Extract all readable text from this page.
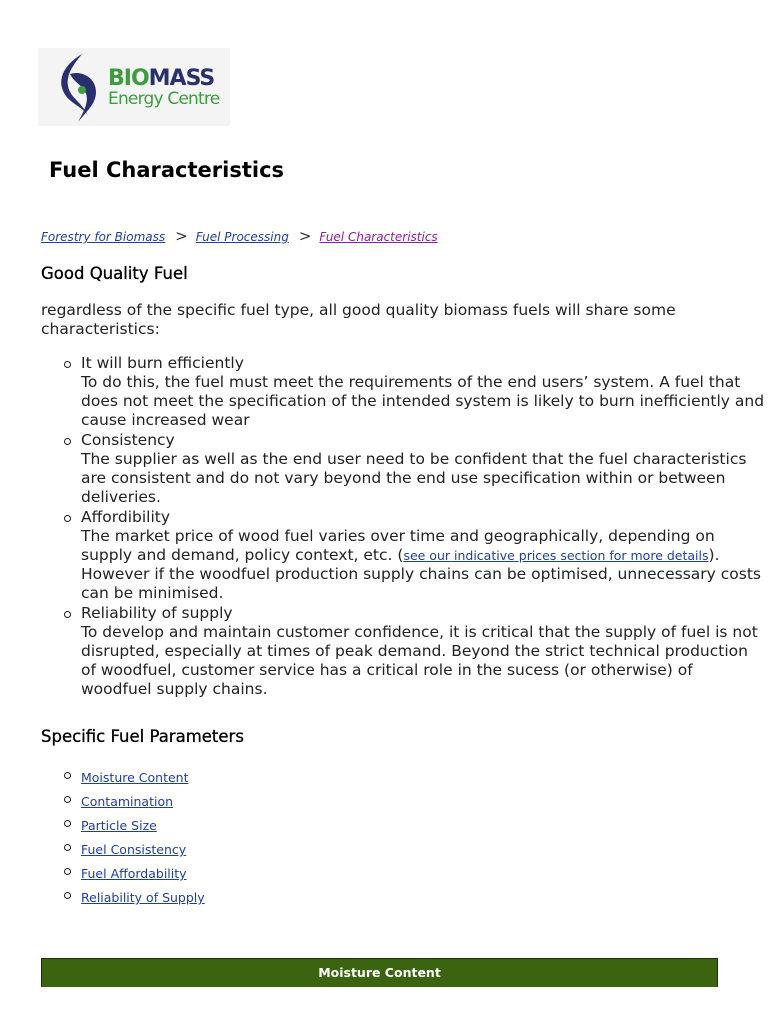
BIOMASS
Energy Centre
Fuel Characteristics
Forestry for Biomass > Fuel Processing > Fuel Characteristics
Good Quality Fuel

regardless of the specific fuel type, all good quality biomass fuels will share some characteristics:

It will burn efficiently
To do this, the fuel must meet the requirements of the end users’ system. A fuel that does not meet the specification of the intended system is likely to burn inefficiently and cause increased wear
Consistency
The supplier as well as the end user need to be confident that the fuel characteristics are consistent and do not vary beyond the end use specification within or between deliveries.
Affordibility
The market price of wood fuel varies over time and geographically, depending on supply and demand, policy context, etc. (see our indicative prices section for more details). However if the woodfuel production supply chains can be optimised, unnecessary costs can be minimised.
Reliability of supply
To develop and maintain customer confidence, it is critical that the supply of fuel is not disrupted, especially at times of peak demand. Beyond the strict technical production of woodfuel, customer service has a critical role in the sucess (or otherwise) of woodfuel supply chains.
Specific Fuel Parameters
Moisture Content
Contamination
Particle Size
Fuel Consistency
Fuel Affordability
Reliability of Supply
Moisture Content
